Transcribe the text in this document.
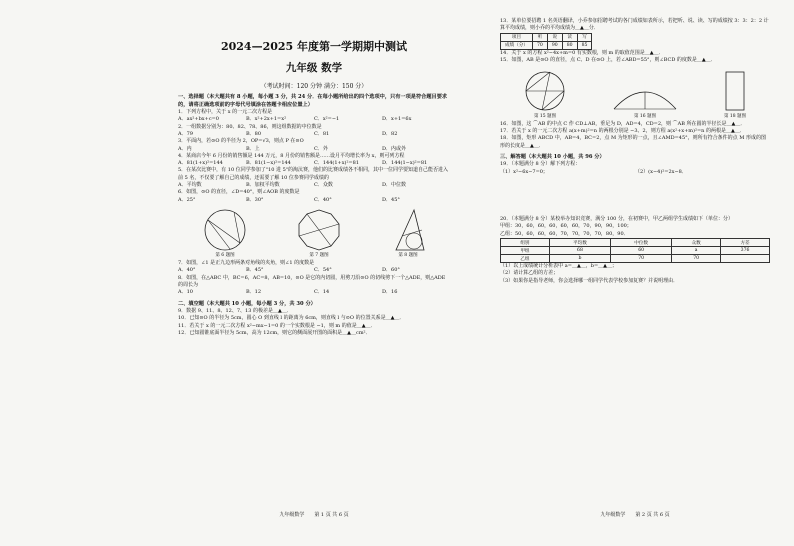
2024—2025 年度第一学期期中测试
九年级 数学
（考试时间：120 分钟 满分：150 分）
一、选择题（本大题共有 8 小题，每小题 3 分，共 24 分．在每小题所给出的四个选项中，只有一项是符合题目要求的，请将正确选项前的字母代号填涂在答题卡相应位置上）
1．下列方程中，关于 x 的一元二次方程是
A．ax²+bx+c=0	B．x²+2x+1=x²	C．x²=−1	D．x+1=6x
2．一组数据分别为：80、82、78、86，则这组数据的中位数是
A．79	B．80	C．81	D．82
3．平面内，若⊙O 的半径为 2，OP=√3，则点 P 在⊙O
A．内	B．上	C．外	D．内或外
4．某商店今年 6 月份的销售额是 144 万元，8 月份的销售额是……设月平均增长率为 x，则可列方程
A．81(1+x)²=144	B．81(1−x)²=144	C．144(1+x)²=81	D．144(1−x)²=81
5．在某次比赛中，有 10 位同学参加了"10 进 5"的淘汰赛，他们的比赛成绩各不相同，其中一位同学要知道自己能否进入前 5 名，不仅要了解自己的成绩，还需要了解 10 位参赛同学成绩的
A．平均数	B．加权平均数	C．众数	D．中位数
6．如图，⊙O 的直径，∠D=40°，则∠AOB 的度数是
A．25°	B．30°	C．40°	D．45°
第 6 题图	第 7 题图	第 8 题图
7．如图，∠1 是正九边形两条对角线的夹角，则∠1 的度数是
A．40°	B．45°	C．54°	D．60°
8．如图，在△ABC 中，BC=6，AC=8，AB=10，⊙O 是它的内切圆，用剪刀沿⊙O 的切线剪下一个△ADE，则△ADE 的周长为
A．10	B．12	C．14	D．16
二、填空题（本大题共 10 小题，每小题 3 分，共 30 分）
9．数据 9、11、8、12、7、13 的极差是＿▲＿．
10．已知⊙O 的半径为 5cm，圆心 O 到直线 l 的距离为 6cm，则直线 l 与⊙O 的位置关系是＿▲＿．
11．若关于 x 的一元二次方程 x²−mx−1=0 的一个实数根是 −1，则 m 的值是＿▲＿．
12．已知圆锥底面半径为 5cm，高为 12cm，则它的侧面展开图的面积是＿▲＿cm²．
九年级数学　　第 1 页 共 6 页
13．某单位要招聘 1 名英语翻译，小乔参加招聘考试的各门成绩如表所示，若把听、说、读、写的成绩按 3：3：2：2 计算平均成绩，则小乔的平均成绩为＿▲＿分．
项目	听	说	读	写
成绩（分）	70	90	80	85
14．关于 x 的方程 x²−4x+m=0 有实数根，则 m 的取值范围是＿▲＿．
15．如图，AB 是⊙O 的直径，点 C、D 在⊙O 上，若∠ABD=55°，则∠BCD 的度数是＿▲＿．
第 15 题图	第 16 题图	第 18 题图
16．如图，这 ⌒AB 的中点 C 作 CD⊥AB，垂足为 D，AD=4，CD=2，则 ⌒AB 所在圆的半径长是＿▲＿．
17．若关于 x 的一元二次方程 a(x+m)²=n 的两根分别是 −3、2，则方程 a(x²+x+m)²=n 的两根是＿▲＿．
18．如图，矩形 ABCD 中，AB=4，BC=2，点 M 为矩形的一点，且∠AMD=45°，则所有符合条件的点 M 形成的图形的长度是＿▲＿．
三、解答题（本大题共 10 小题，共 96 分）
19．（本题满分 8 分）解下列方程：
（1）x²−6x−7=0；	（2）(x−4)²=2x−8．
20．（本题满分 8 分）某校举办知识竞赛，满分 100 分，在初赛中，甲乙两组学生成绩如下（单位：分）
甲组：30，60，60，60，60，60，70，90，90，100；
乙组：50，60，60，60，70，70，70，70，80，90．
组别	平均数	中位数	众数	方差
甲组	68	60	a	376
乙组	b	70	70	
（1）以上成绩统计分析表中 a=＿▲＿，b=＿▲＿；
（2）请计算乙组的方差；
（3）如果你是指导老师，你会选择哪一组同学代表学校参加复赛？并说明理由．
九年级数学　　第 2 页 共 6 页
